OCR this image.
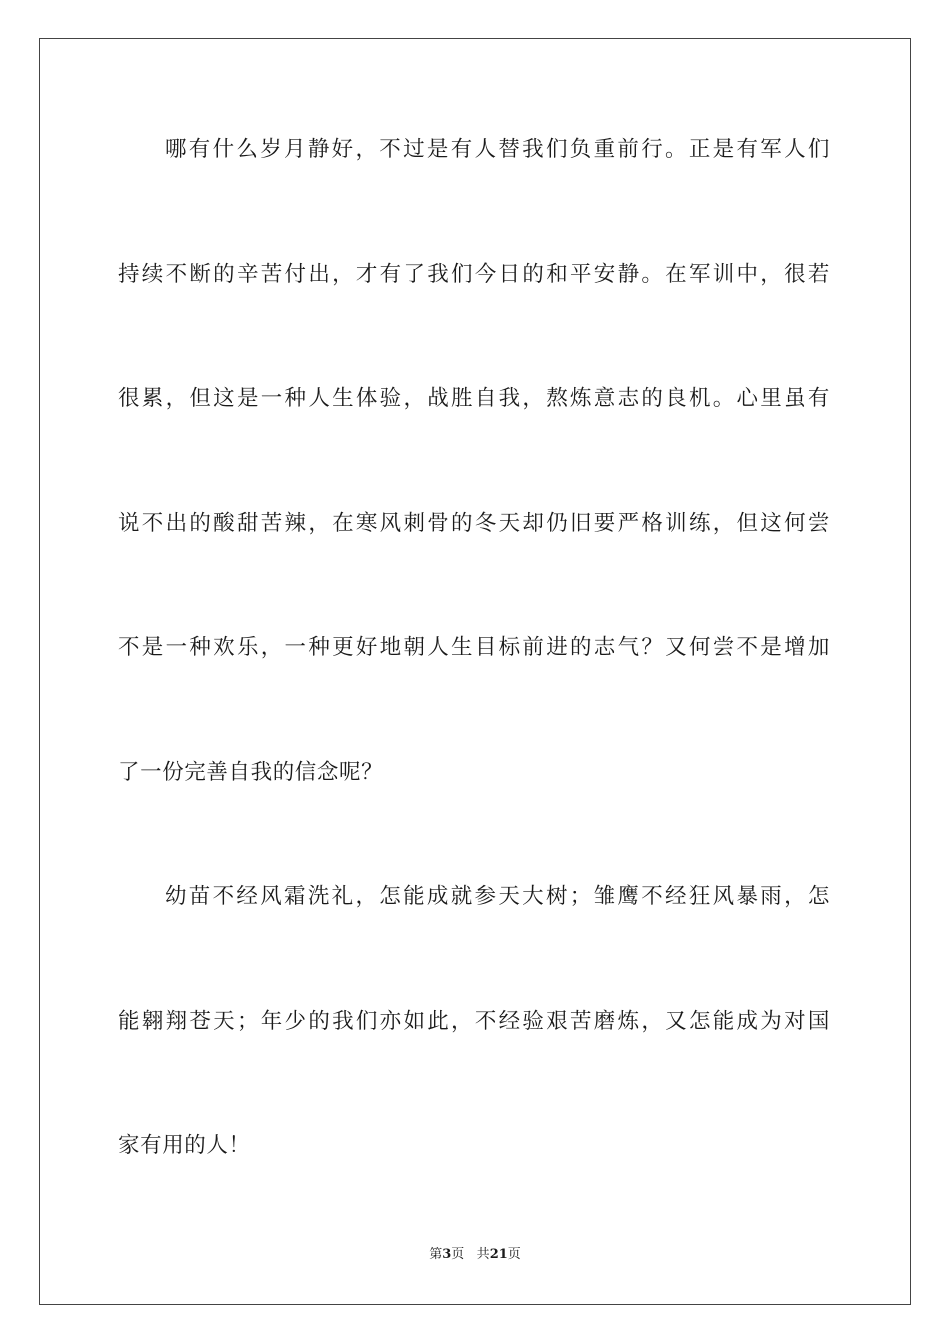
哪有什么岁月静好，不过是有人替我们负重前行。正是有军人们
持续不断的辛苦付出，才有了我们今日的和平安静。在军训中，很若
很累，但这是一种人生体验，战胜自我，熬炼意志的良机。心里虽有
说不出的酸甜苦辣，在寒风刺骨的冬天却仍旧要严格训练，但这何尝
不是一种欢乐，一种更好地朝人生目标前进的志气？又何尝不是增加
了一份完善自我的信念呢？
幼苗不经风霜洗礼，怎能成就参天大树；雏鹰不经狂风暴雨，怎
能翱翔苍天；年少的我们亦如此，不经验艰苦磨炼，又怎能成为对国
家有用的人！
第3页 共21页
